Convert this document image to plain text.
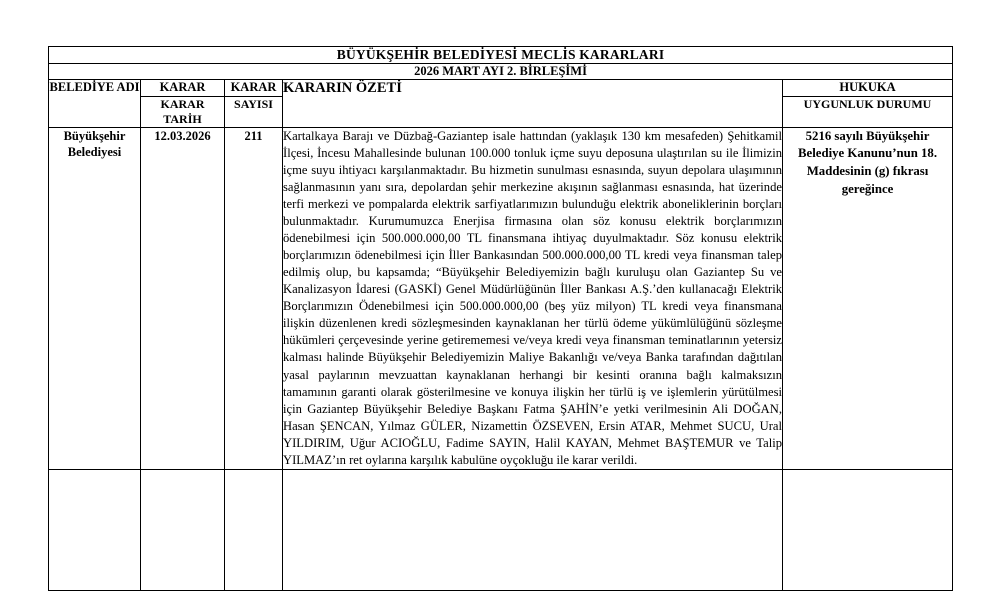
BÜYÜKŞEHİR BELEDİYESİ MECLİS KARARLARI				
2026 MART AYI 2. BİRLEŞİMİ				
BELEDİYE ADI	KARAR	KARAR	KARARIN ÖZETİ	HUKUKA
	KARAR TARİH	SAYISI		UYGUNLUK DURUMU
Büyükşehir Belediyesi	12.03.2026	211	Kartalkaya Barajı ve Düzbağ-Gaziantep isale hattından (yaklaşık 130 km mesafeden) Şehitkamil İlçesi, İncesu Mahallesinde bulunan 100.000 tonluk içme suyu deposuna ulaştırılan su ile İlimizin içme suyu ihtiyacı karşılanmaktadır. Bu hizmetin sunulması esnasında, suyun depolara ulaşımının sağlanmasının yanı sıra, depolardan şehir merkezine akışının sağlanması esnasında, hat üzerinde terfi merkezi ve pompalarda elektrik sarfiyatlarımızın bulunduğu elektrik aboneliklerinin borçları bulunmaktadır. Kurumumuzca Enerjisa firmasına olan söz konusu elektrik borçlarımızın ödenebilmesi için 500.000.000,00 TL finansmana ihtiyaç duyulmaktadır. Söz konusu elektrik borçlarımızın ödenebilmesi için İller Bankasından 500.000.000,00 TL kredi veya finansman talep edilmiş olup, bu kapsamda; “Büyükşehir Belediyemizin bağlı kuruluşu olan Gaziantep Su ve Kanalizasyon İdaresi (GASKİ) Genel Müdürlüğünün İller Bankası A.Ş.’den kullanacağı Elektrik Borçlarımızın Ödenebilmesi için 500.000.000,00 (beş yüz milyon) TL kredi veya finansmana ilişkin düzenlenen kredi sözleşmesinden kaynaklanan her türlü ödeme yükümlülüğünü sözleşme hükümleri çerçevesinde yerine getirememesi ve/veya kredi veya finansman teminatlarının yetersiz kalması halinde Büyükşehir Belediyemizin Maliye Bakanlığı ve/veya Banka tarafından dağıtılan yasal paylarının mevzuattan kaynaklanan herhangi bir kesinti oranına bağlı kalmaksızın tamamının garanti olarak gösterilmesine ve konuya ilişkin her türlü iş ve işlemlerin yürütülmesi için Gaziantep Büyükşehir Belediye Başkanı Fatma ŞAHİN’e yetki verilmesinin Ali DOĞAN, Hasan ŞENCAN, Yılmaz GÜLER, Nizamettin ÖZSEVEN, Ersin ATAR, Mehmet SUCU, Ural YILDIRIM, Uğur ACIOĞLU, Fadime SAYIN, Halil KAYAN, Mehmet BAŞTEMUR ve Talip YILMAZ’ın ret oylarına karşılık kabulüne oyçokluğu ile karar verildi.	5216 sayılı Büyükşehir Belediye Kanunu’nun 18. Maddesinin (g) fıkrası gereğince
